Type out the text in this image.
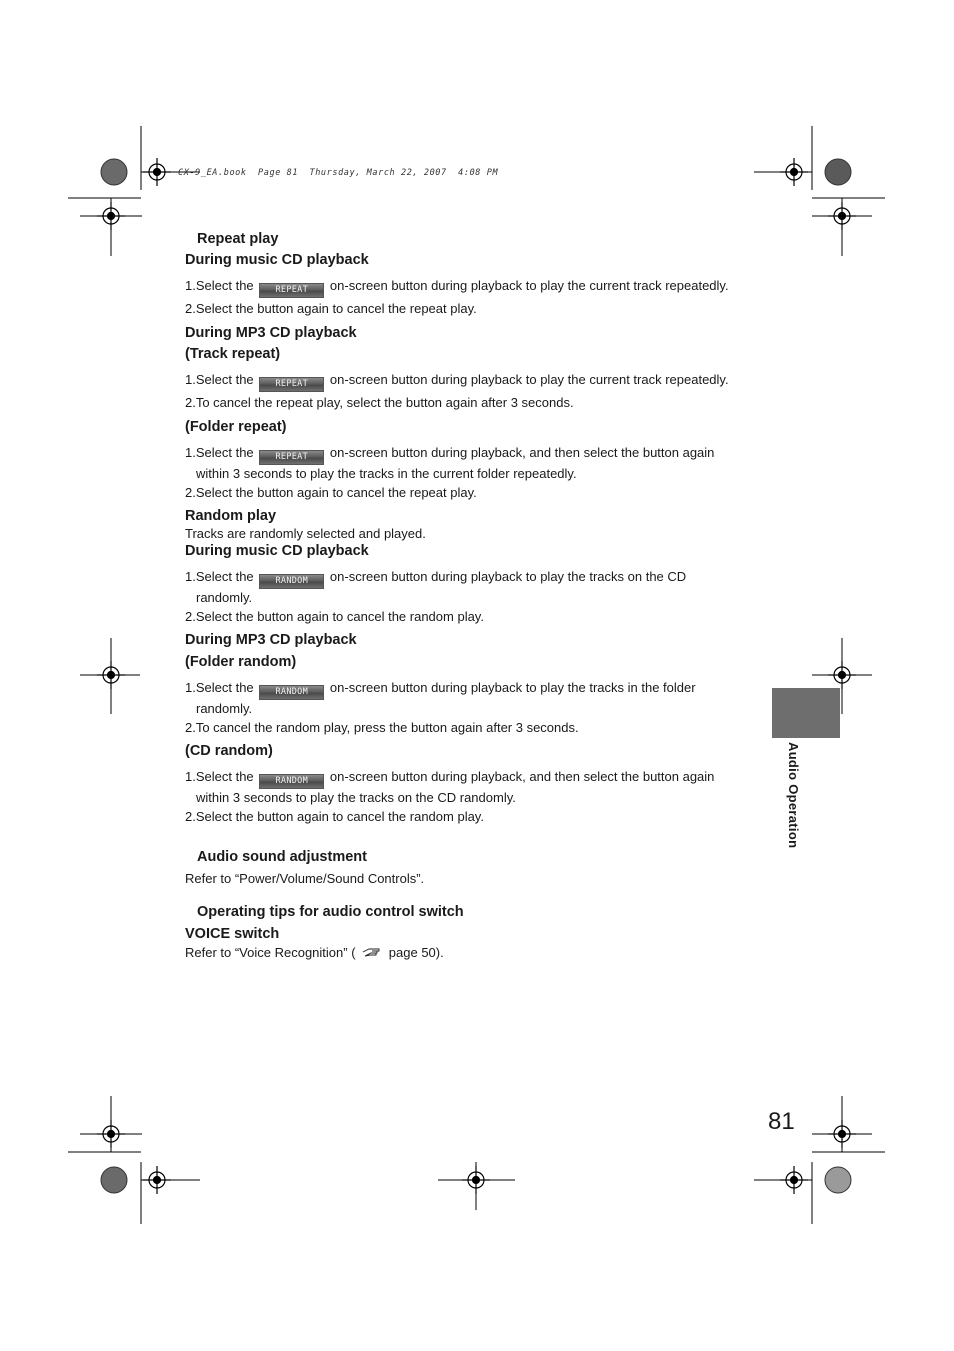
CX-9_EA.book  Page 81  Thursday, March 22, 2007  4:08 PM
Repeat play
During music CD playback
1.Select the	REPEAT on-screen button during playback to play the current track repeatedly.
2.Select the button again to cancel the repeat play.
During MP3 CD playback
(Track repeat)
1.Select the	REPEAT on-screen button during playback to play the current track repeatedly.
2.To cancel the repeat play, select the button again after 3 seconds.
(Folder repeat)
1.Select the	REPEAT on-screen button during playback, and then select the button again
within 3 seconds to play the tracks in the current folder repeatedly.
2.Select the button again to cancel the repeat play.
Random play
Tracks are randomly selected and played.
During music CD playback
1.Select the	RANDOM on-screen button during playback to play the tracks on the CD
randomly.
2.Select the button again to cancel the random play.
During MP3 CD playback
(Folder random)
1.Select the	RANDOM on-screen button during playback to play the tracks in the folder
randomly.
2.To cancel the random play, press the button again after 3 seconds.
(CD random)
1.Select the	RANDOM on-screen button during playback, and then select the button again
within 3 seconds to play the tracks on the CD randomly.
2.Select the button again to cancel the random play.
Audio sound adjustment
Refer to “Power/Volume/Sound Controls”.
Operating tips for audio control switch
VOICE switch
Refer to “Voice Recognition” (	page 50).
Audio Operation
81
